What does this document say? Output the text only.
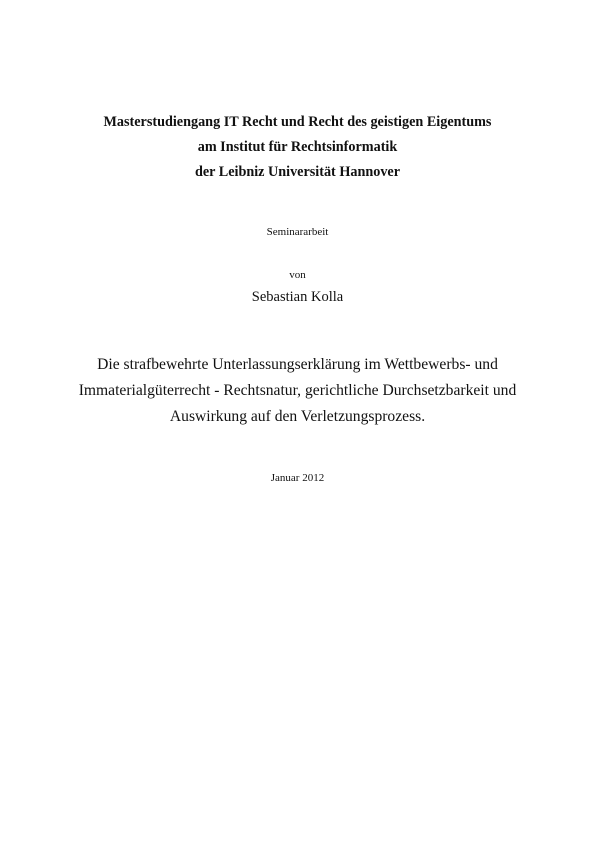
Masterstudiengang IT Recht und Recht des geistigen Eigentums
am Institut für Rechtsinformatik
der Leibniz Universität Hannover

Seminararbeit

von

Sebastian Kolla

Die strafbewehrte Unterlassungserklärung im Wettbewerbs- und
Immaterialgüterrecht - Rechtsnatur, gerichtliche Durchsetzbarkeit und
Auswirkung auf den Verletzungsprozess.

Januar 2012
